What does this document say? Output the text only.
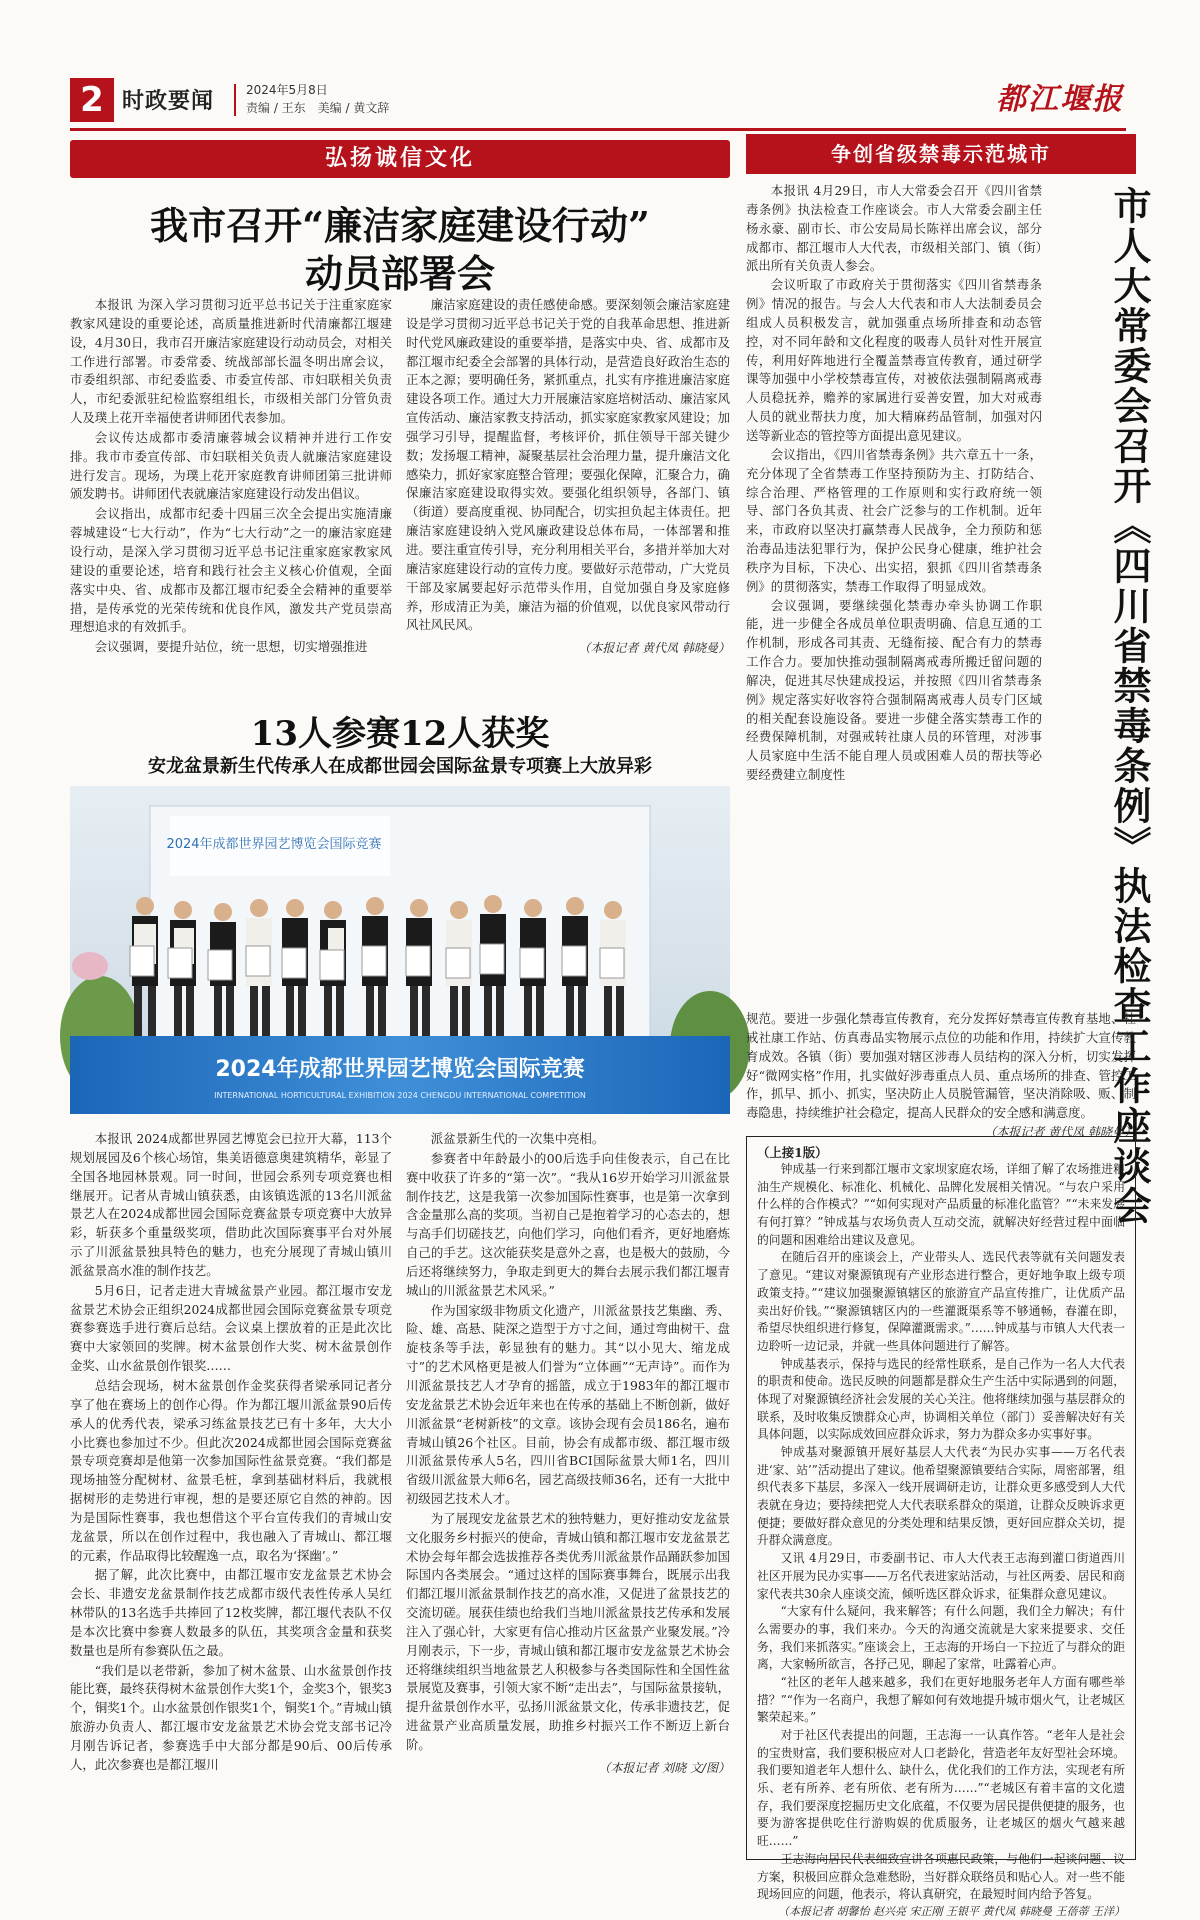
2 时政要闻	2024年5月8日
责编 / 王东　美编 / 黄文辞	都江堰报
弘扬诚信文化
我市召开“廉洁家庭建设行动”
动员部署会

本报讯 为深入学习贯彻习近平总书记关于注重家庭家教家风建设的重要论述，高质量推进新时代清廉都江堰建设，4月30日，我市召开廉洁家庭建设行动动员会，对相关工作进行部署。市委常委、统战部部长温冬明出席会议，市委组织部、市纪委监委、市委宣传部、市妇联相关负责人，市纪委派驻纪检监察组组长，市级相关部门分管负责人及璞上花开幸福使者讲师团代表参加。

会议传达成都市委清廉蓉城会议精神并进行工作安排。我市市委宣传部、市妇联相关负责人就廉洁家庭建设进行发言。现场，为璞上花开家庭教育讲师团第三批讲师颁发聘书。讲师团代表就廉洁家庭建设行动发出倡议。

会议指出，成都市纪委十四届三次全会提出实施清廉蓉城建设“七大行动”，作为“七大行动”之一的廉洁家庭建设行动，是深入学习贯彻习近平总书记注重家庭家教家风建设的重要论述，培育和践行社会主义核心价值观，全面落实中央、省、成都市及都江堰市纪委全会精神的重要举措，是传承党的光荣传统和优良作风，激发共产党员崇高理想追求的有效抓手。

会议强调，要提升站位，统一思想，切实增强推进

廉洁家庭建设的责任感使命感。要深刻领会廉洁家庭建设是学习贯彻习近平总书记关于党的自我革命思想、推进新时代党风廉政建设的重要举措，是落实中央、省、成都市及都江堰市纪委全会部署的具体行动，是营造良好政治生态的正本之源；要明确任务，紧抓重点，扎实有序推进廉洁家庭建设各项工作。通过大力开展廉洁家庭培树活动、廉洁家风宣传活动、廉洁家教支持活动，抓实家庭家教家风建设；加强学习引导，提醒监督，考核评价，抓住领导干部关键少数；发扬堰工精神，凝聚基层社会治理力量，提升廉洁文化感染力，抓好家家庭整合管理；要强化保障，汇聚合力，确保廉洁家庭建设取得实效。要强化组织领导，各部门、镇（街道）要高度重视、协同配合，切实担负起主体责任。把廉洁家庭建设纳入党风廉政建设总体布局，一体部署和推进。要注重宣传引导，充分利用相关平台，多措并举加大对廉洁家庭建设行动的宣传力度。要做好示范带动，广大党员干部及家属要起好示范带头作用，自觉加强自身及家庭修养，形成清正为美，廉洁为福的价值观，以优良家风带动行风社风民风。

（本报记者 黄代凤 韩晓曼）
13人参赛12人获奖
安龙盆景新生代传承人在成都世园会国际盆景专项赛上大放异彩
2024年成都世界园艺博览会国际竞赛
2024年成都世界园艺博览会国际竞赛
INTERNATIONAL HORTICULTURAL EXHIBITION 2024 CHENGDU INTERNATIONAL COMPETITION

本报讯 2024成都世界园艺博览会已拉开大幕，113个规划展园及6个核心场馆，集美语德意奥建筑精华，彰显了全国各地园林景观。同一时间，世园会系列专项竞赛也相继展开。记者从青城山镇获悉，由该镇选派的13名川派盆景艺人在2024成都世园会国际竞赛盆景专项竞赛中大放异彩，斩获多个重量级奖项，借助此次国际赛事平台对外展示了川派盆景独具特色的魅力，也充分展现了青城山镇川派盆景高水准的制作技艺。

5月6日，记者走进大青城盆景产业园。都江堰市安龙盆景艺术协会正组织2024成都世园会国际竞赛盆景专项竞赛参赛选手进行赛后总结。会议桌上摆放着的正是此次比赛中大家领回的奖牌。树木盆景创作大奖、树木盆景创作金奖、山水盆景创作银奖……

总结会现场，树木盆景创作金奖获得者梁承同记者分享了他在赛场上的创作心得。作为都江堰川派盆景90后传承人的优秀代表，梁承习练盆景技艺已有十多年，大大小小比赛也参加过不少。但此次2024成都世园会国际竞赛盆景专项竞赛却是他第一次参加国际性盆景竞赛。“我们都是现场抽签分配树材、盆景毛桩，拿到基础材料后，我就根据树形的走势进行审视，想的是要还原它自然的神韵。因为是国际性赛事，我也想借这个平台宣传我们的青城山安龙盆景，所以在创作过程中，我也融入了青城山、都江堰的元素，作品取得比较醒逸一点，取名为‘探幽’。”

据了解，此次比赛中，由都江堰市安龙盆景艺术协会会长、非遗安龙盆景制作技艺成都市级代表性传承人吴红林带队的13名选手共捧回了12枚奖牌，都江堰代表队不仅是本次比赛中参赛人数最多的队伍，其奖项含金量和获奖数量也是所有参赛队伍之最。

“我们是以老带新，参加了树木盆景、山水盆景创作技能比赛，最终获得树木盆景创作大奖1个，金奖3个，银奖3个，铜奖1个。山水盆景创作银奖1个，铜奖1个。”青城山镇旅游办负责人、都江堰市安龙盆景艺术协会党支部书记冷月刚告诉记者，参赛选手中大部分都是90后、00后传承人，此次参赛也是都江堰川

派盆景新生代的一次集中亮相。

参赛者中年龄最小的00后选手向佳俊表示，自己在比赛中收获了许多的“第一次”。“我从16岁开始学习川派盆景制作技艺，这是我第一次参加国际性赛事，也是第一次拿到含金量那么高的奖项。当初自己是抱着学习的心态去的，想与高手们切磋技艺，向他们学习，向他们看齐，更好地磨炼自己的手艺。这次能获奖是意外之喜，也是极大的鼓励，今后还将继续努力，争取走到更大的舞台去展示我们都江堰青城山的川派盆景艺术风采。”

作为国家级非物质文化遗产，川派盆景技艺集幽、秀、险、雄、高悬、陡深之造型于方寸之间，通过弯曲树干、盘旋枝条等手法，彰显独有的魅力。其“以小见大、缩龙成寸”的艺术风格更是被人们誉为“立体画”“无声诗”。而作为川派盆景技艺人才孕育的摇篮，成立于1983年的都江堰市安龙盆景艺术协会近年来也在传承的基础上不断创新，做好川派盆景“老树新枝”的文章。该协会现有会员186名，遍布青城山镇26个社区。目前，协会有成都市级、都江堰市级川派盆景传承人5名，四川省BCI国际盆景大师1名，四川省级川派盆景大师6名，园艺高级技师36名，还有一大批中初级园艺技术人才。

为了展现安龙盆景艺术的独特魅力，更好推动安龙盆景文化服务乡村振兴的使命，青城山镇和都江堰市安龙盆景艺术协会每年都会选拔推荐各类优秀川派盆景作品踊跃参加国际国内各类展会。“通过这样的国际赛事舞台，既展示出我们都江堰川派盆景制作技艺的高水准，又促进了盆景技艺的交流切磋。展获佳绩也给我们当地川派盆景技艺传承和发展注入了强心针，大家更有信心推动片区盆景产业聚发展。”冷月刚表示，下一步，青城山镇和都江堰市安龙盆景艺术协会还将继续组织当地盆景艺人积极参与各类国际性和全国性盆景展览及赛事，引领大家不断“走出去”，与国际盆景接轨，提升盆景创作水平，弘扬川派盆景文化，传承非遗技艺，促进盆景产业高质量发展，助推乡村振兴工作不断迈上新台阶。

（本报记者 刘晓 文/图）
争创省级禁毒示范城市
市人大常委会召开《四川省禁毒条例》执法检查工作座谈会

本报讯 4月29日，市人大常委会召开《四川省禁毒条例》执法检查工作座谈会。市人大常委会副主任杨永豪、副市长、市公安局局长陈祥出席会议，部分成都市、都江堰市人大代表，市级相关部门、镇（街）派出所有关负责人参会。

会议听取了市政府关于贯彻落实《四川省禁毒条例》情况的报告。与会人大代表和市人大法制委员会组成人员积极发言，就加强重点场所排查和动态管控，对不同年龄和文化程度的吸毒人员针对性开展宣传，利用好阵地进行全覆盖禁毒宣传教育，通过研学课等加强中小学校禁毒宣传，对被依法强制隔离戒毒人员稳抚养，赡养的家属进行妥善安置，加大对戒毒人员的就业帮扶力度，加大精麻药品管制，加强对闪送等新业态的管控等方面提出意见建议。

会议指出，《四川省禁毒条例》共六章五十一条，充分体现了全省禁毒工作坚持预防为主、打防结合、综合治理、严格管理的工作原则和实行政府统一领导、部门各负其责、社会广泛参与的工作机制。近年来，市政府以坚决打赢禁毒人民战争，全力预防和惩治毒品违法犯罪行为，保护公民身心健康，维护社会秩序为目标，下决心、出实招，狠抓《四川省禁毒条例》的贯彻落实，禁毒工作取得了明显成效。

会议强调，要继续强化禁毒办牵头协调工作职能，进一步健全各成员单位职责明确、信息互通的工作机制，形成各司其责、无缝衔接、配合有力的禁毒工作合力。要加快推动强制隔离戒毒所搬迁留问题的解决，促进其尽快建成投运，并按照《四川省禁毒条例》规定落实好收容符合强制隔离戒毒人员专门区域的相关配套设施设备。要进一步健全落实禁毒工作的经费保障机制，对强戒转社康人员的环管理，对涉事人员家庭中生活不能自理人员或困难人员的帮扶等必要经费建立制度性

规范。要进一步强化禁毒宣传教育，充分发挥好禁毒宣传教育基地、社戒社康工作站、仿真毒品实物展示点位的功能和作用，持续扩大宣传教育成效。各镇（街）要加强对辖区涉毒人员结构的深入分析，切实发挥好“微网实格”作用，扎实做好涉毒重点人员、重点场所的排查、管控工作，抓早、抓小、抓实，坚决防止人员脱管漏管，坚决消除吸、贩、制毒隐患，持续维护社会稳定，提高人民群众的安全感和满意度。

（本报记者 黄代凤 韩晓曼）
（上接1版）

钟成基一行来到都江堰市文家坝家庭农场，详细了解了农场推进粮油生产规模化、标准化、机械化、品牌化发展相关情况。“与农户采用什么样的合作模式？”“如何实现对产品质量的标准化监管？”“未来发展有何打算？”钟成基与农场负责人互动交流，就解决好经营过程中面临的问题和困难给出建议及意见。

在随后召开的座谈会上，产业带头人、选民代表等就有关问题发表了意见。“建议对聚源镇现有产业形态进行整合，更好地争取上级专项政策支持。”“建议加强聚源镇辖区的旅游宣产品宣传推广，让优质产品卖出好价钱。”“聚源镇辖区内的一些灌溉渠系等不够通畅，春灌在即，希望尽快组织进行修复，保障灌溉需求。”……钟成基与市镇人大代表一边聆听一边记录，并就一些具体问题进行了解答。

钟成基表示，保持与选民的经常性联系，是自己作为一名人大代表的职责和使命。选民反映的问题都是群众生产生活中实际遇到的问题，体现了对聚源镇经济社会发展的关心关注。他将继续加强与基层群众的联系，及时收集反馈群众心声，协调相关单位（部门）妥善解决好有关具体问题，以实际成效回应群众诉求，努力为群众多办实事好事。

钟成基对聚源镇开展好基层人大代表“为民办实事——万名代表进‘家、站’”活动提出了建议。他希望聚源镇要结合实际，周密部署，组织代表多下基层，多深入一线开展调研走访，让群众更多感受到人大代表就在身边；要持续把党人大代表联系群众的渠道，让群众反映诉求更便捷；要做好群众意见的分类处理和结果反馈，更好回应群众关切，提升群众满意度。

又讯 4月29日，市委副书记、市人大代表王志海到灌口街道西川社区开展为民办实事——万名代表进家站活动，与社区两委、居民和商家代表共30余人座谈交流，倾听选区群众诉求，征集群众意见建议。

“大家有什么疑问，我来解答；有什么问题，我们全力解决；有什么需要办的事，我们来办。今天的沟通交流就是大家来提要求、交任务，我们来抓落实。”座谈会上，王志海的开场白一下拉近了与群众的距离，大家畅所欲言，各抒己见，聊起了家常，吐露着心声。

“社区的老年人越来越多，我们在更好地服务老年人方面有哪些举措？”“作为一名商户，我想了解如何有效地提升城市烟火气，让老城区繁荣起来。”

对于社区代表提出的问题，王志海一一认真作答。“老年人是社会的宝贵财富，我们要积极应对人口老龄化，营造老年友好型社会环境。我们要知道老年人想什么、缺什么，优化我们的工作方法，实现老有所乐、老有所养、老有所依、老有所为……”“老城区有着丰富的文化遗存，我们要深度挖掘历史文化底蕴，不仅要为居民提供便捷的服务，也要为游客提供吃住行游购娱的优质服务，让老城区的烟火气越来越旺……”

王志海向居民代表细致宣讲各项惠民政策，与他们一起谈问题、议方案，积极回应群众急难愁盼，当好群众联络员和贴心人。对一些不能现场回应的问题，他表示，将认真研究，在最短时间内给予答复。

（本报记者 胡馨怡 赵兴亮 宋正刚 王银平 黄代凤 韩晓曼 王蓓蒂 王洋）
